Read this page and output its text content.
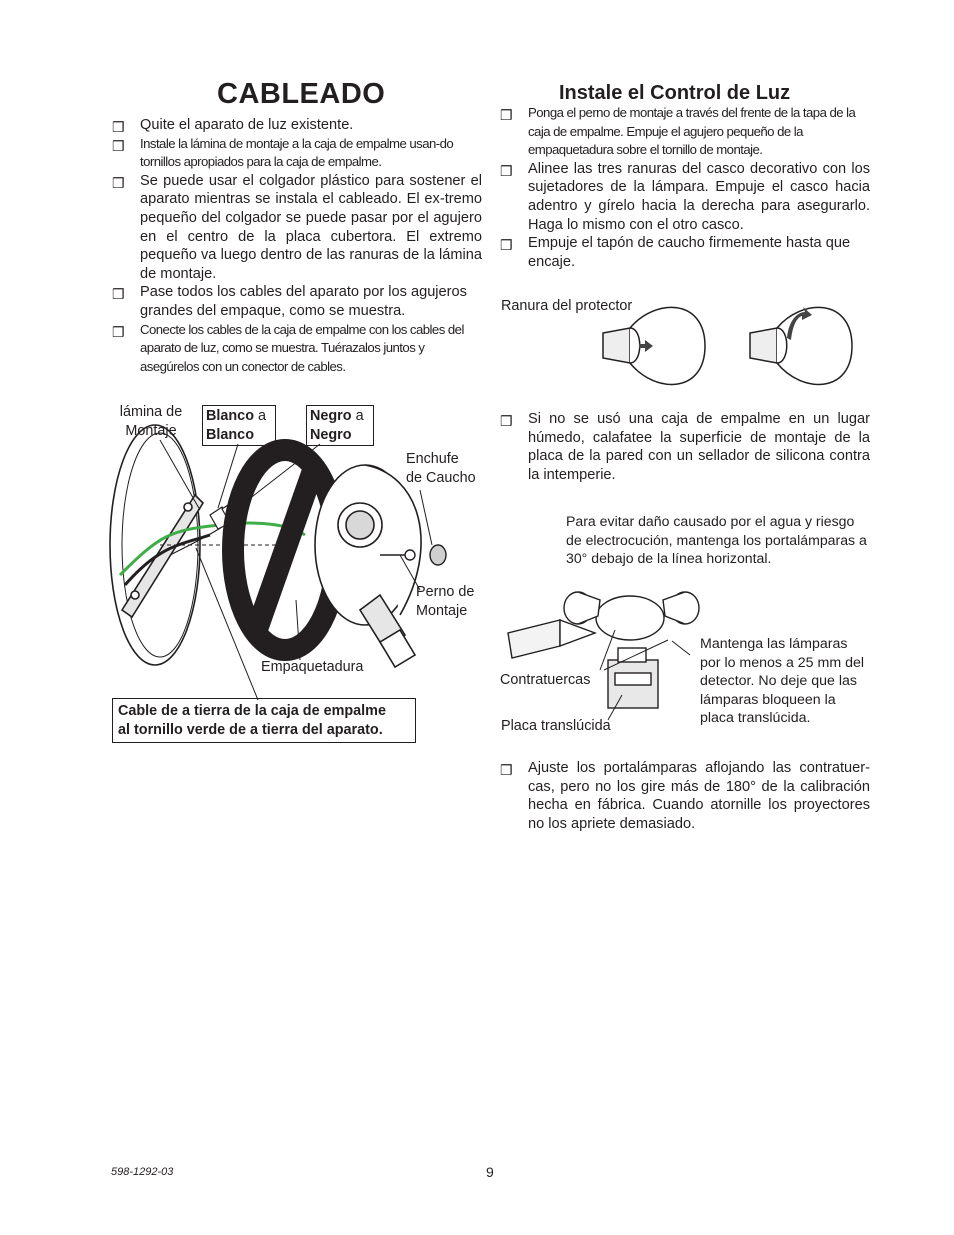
CABLEADO
❒ Quite el aparato de luz existente.
❒ Instale la lámina de montaje a la caja de empalme usan-do tornillos apropiados para la caja de empalme.
❒ Se puede usar el colgador plástico para sostener el aparato mientras se instala el cableado. El ex-tremo pequeño del colgador se puede pasar por el agujero en el centro de la placa cubertora. El extremo pequeño va luego dentro de las ranuras de la lámina de montaje.
❒ Pase todos los cables del aparato por los agujeros grandes del empaque, como se muestra.
❒ Conecte los cables de la caja de empalme con los cables del aparato de luz, como se muestra. Tuérazalos juntos y asegúrelos con un conector de cables.
lámina de
Montaje
Blanco a
Blanco
Negro a
Negro
Enchufe
de Caucho
Perno de
Montaje
Empaquetadura
Cable de a tierra de la caja de empalme
al tornillo verde de a tierra del aparato.
Instale el Control de Luz
❒ Ponga el perno de montaje a través del frente de la tapa de la caja de empalme. Empuje el agujero pequeño de la empaquetadura sobre el tornillo de montaje.
❒ Alinee las tres ranuras del casco decorativo con los sujetadores de la lámpara. Empuje el casco hacia adentro y gírelo hacia la derecha para asegurarlo. Haga lo mismo con el otro casco.
❒ Empuje el tapón de caucho firmemente hasta que encaje.
Ranura del protector
❒ Si no se usó una caja de empalme en un lugar húmedo, calafatee la superficie de montaje de la placa de la pared con un sellador de silicona contra la intemperie.
Para evitar daño causado por el agua y riesgo de electrocución, mantenga los portalámparas a 30° debajo de la línea horizontal.
Mantenga las lámparas por lo menos a 25 mm del detector. No deje que las lámparas bloqueen la placa translúcida.
Contratuercas
Placa translúcida
❒ Ajuste los portalámparas aflojando las contratuer-cas, pero no los gire más de 180° de la calibración hecha en fábrica. Cuando atornille los proyectores no los apriete demasiado.
598-1292-03	9
